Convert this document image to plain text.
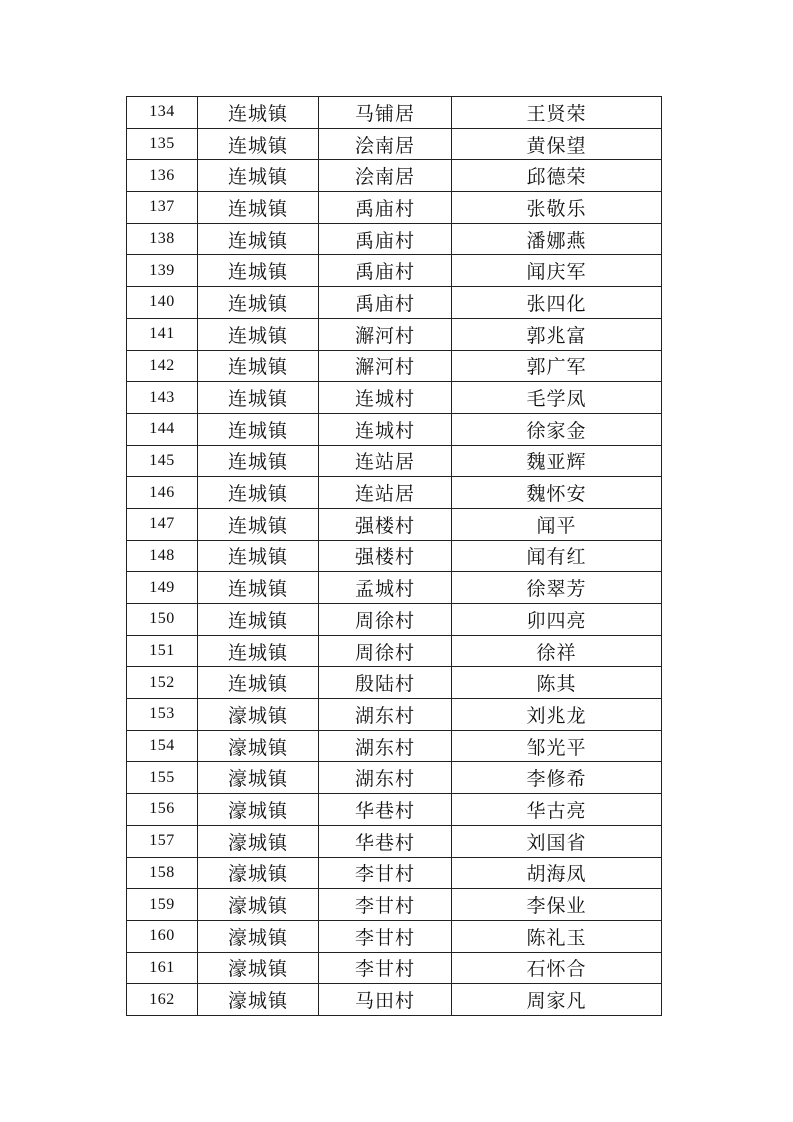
134	连城镇	马铺居	王贤荣
135	连城镇	浍南居	黄保望
136	连城镇	浍南居	邱德荣
137	连城镇	禹庙村	张敬乐
138	连城镇	禹庙村	潘娜燕
139	连城镇	禹庙村	闻庆军
140	连城镇	禹庙村	张四化
141	连城镇	澥河村	郭兆富
142	连城镇	澥河村	郭广军
143	连城镇	连城村	毛学凤
144	连城镇	连城村	徐家金
145	连城镇	连站居	魏亚辉
146	连城镇	连站居	魏怀安
147	连城镇	强楼村	闻平
148	连城镇	强楼村	闻有红
149	连城镇	孟城村	徐翠芳
150	连城镇	周徐村	卯四亮
151	连城镇	周徐村	徐祥
152	连城镇	殷陆村	陈其
153	濠城镇	湖东村	刘兆龙
154	濠城镇	湖东村	邹光平
155	濠城镇	湖东村	李修希
156	濠城镇	华巷村	华古亮
157	濠城镇	华巷村	刘国省
158	濠城镇	李甘村	胡海凤
159	濠城镇	李甘村	李保业
160	濠城镇	李甘村	陈礼玉
161	濠城镇	李甘村	石怀合
162	濠城镇	马田村	周家凡
